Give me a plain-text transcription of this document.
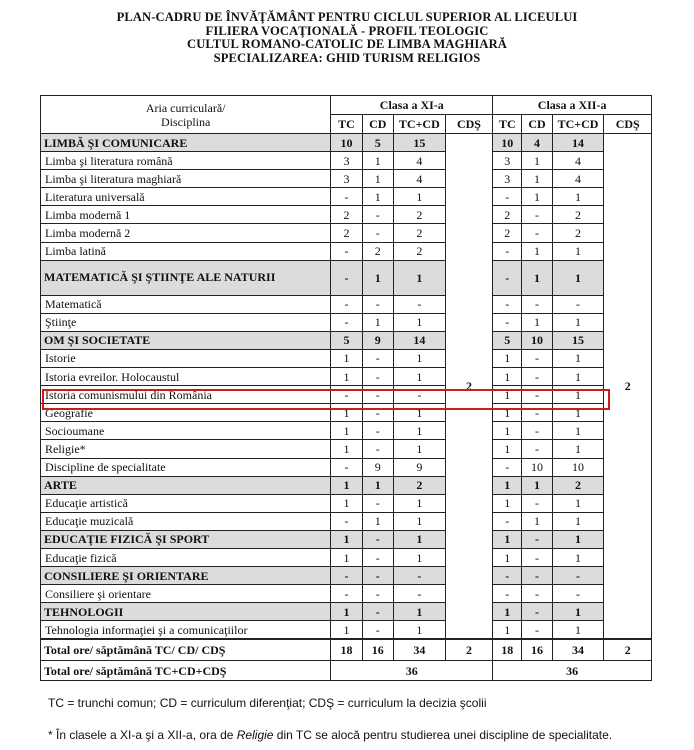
PLAN-CADRU DE ÎNVĂŢĂMÂNT PENTRU CICLUL SUPERIOR AL LICEULUI
FILIERA VOCAŢIONALĂ - PROFIL TEOLOGIC
CULTUL ROMANO-CATOLIC DE LIMBA MAGHIARĂ
SPECIALIZAREA: GHID TURISM RELIGIOS
Aria curriculară/
Disciplina	Clasa a XI-a				Clasa a XII-a			
	TC	CD	TC+CD	CDŞ	TC	CD	TC+CD	CDŞ
LIMBĂ ŞI COMUNICARE	10	5	15	2	10	4	14	2
Limba şi literatura română	3	1	4		3	1	4	
Limba şi literatura maghiară	3	1	4		3	1	4	
Literatura universală	-	1	1		-	1	1	
Limba modernă 1	2	-	2		2	-	2	
Limba modernă 2	2	-	2		2	-	2	
Limba latină	-	2	2		-	1	1	
MATEMATICĂ ŞI ŞTIINŢE ALE NATURII	-	1	1		-	1	1	
Matematică	-	-	-		-	-	-	
Ştiinţe	-	1	1		-	1	1	
OM ŞI SOCIETATE	5	9	14		5	10	15	
Istorie	1	-	1		1	-	1	
Istoria evreilor. Holocaustul	1	-	1		1	-	1	
Istoria comunismului din România	-	-	-		1	-	1	
Geografie	1	-	1		1	-	1	
Socioumane	1	-	1		1	-	1	
Religie*	1	-	1		1	-	1	
Discipline de specialitate	-	9	9		-	10	10	
ARTE	1	1	2		1	1	2	
Educaţie artistică	1	-	1		1	-	1	
Educaţie muzicală	-	1	1		-	1	1	
EDUCAŢIE FIZICĂ ŞI SPORT	1	-	1		1	-	1	
Educaţie fizică	1	-	1		1	-	1	
CONSILIERE ŞI ORIENTARE	-	-	-		-	-	-	
Consiliere şi orientare	-	-	-		-	-	-	
TEHNOLOGII	1	-	1		1	-	1	
Tehnologia informaţiei şi a comunicaţiilor	1	-	1		1	-	1	
Total ore/ săptămână TC/ CD/ CDŞ	18	16	34	2	18	16	34	2
Total ore/ săptămână TC+CD+CDŞ	36				36			
TC = trunchi comun; CD = curriculum diferenţiat; CDŞ = curriculum la decizia şcolii
* În clasele a XI-a şi a XII-a, ora de Religie din TC se alocă pentru studierea unei discipline de specialitate.
